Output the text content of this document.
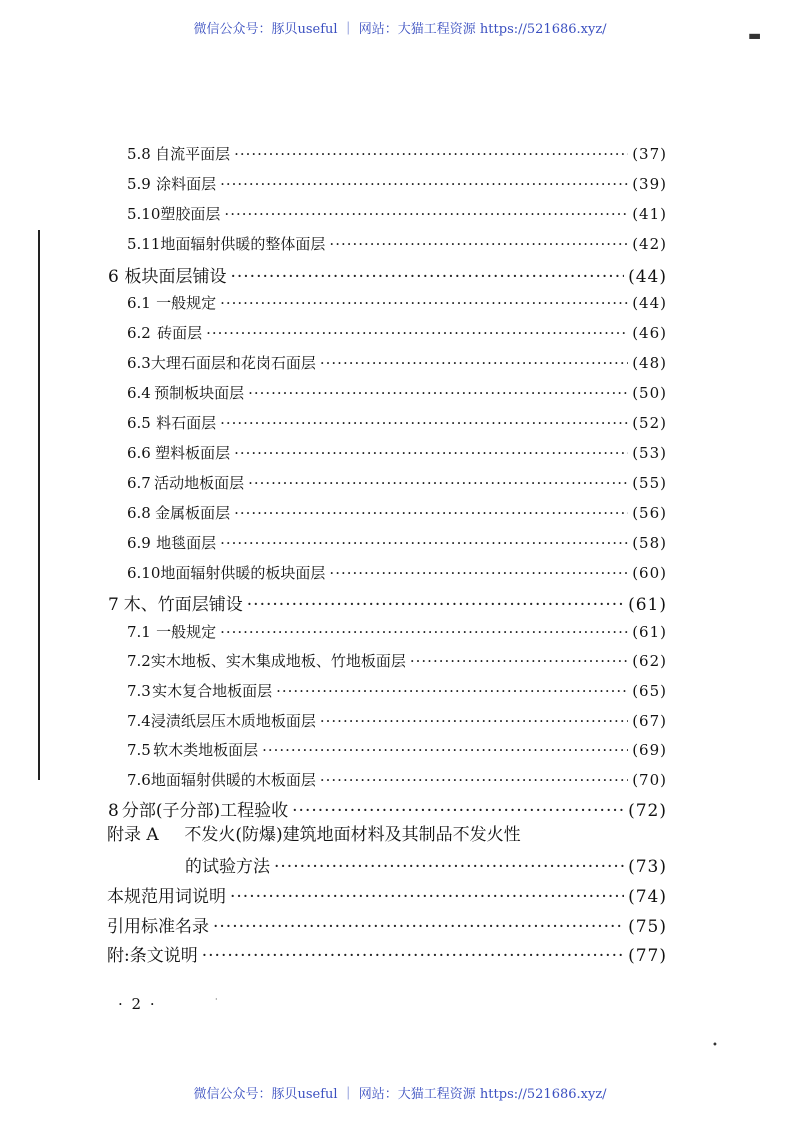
微信公众号：豚贝useful ｜ 网站：大猫工程资源 https://521686.xyz/
5.8 自流平面层 ·····	(37)
5.9 涂料面层 ·····	(39)
5.10 塑胶面层 ·····	(41)
5.11 地面辐射供暖的整体面层 ·····	(42)
6 板块面层铺设 ·····	(44)
6.1 一般规定 ·····	(44)
6.2 砖面层 ·····	(46)
6.3 大理石面层和花岗石面层 ·····	(48)
6.4 预制板块面层 ·····	(50)
6.5 料石面层 ·····	(52)
6.6 塑料板面层 ·····	(53)
6.7 活动地板面层 ·····	(55)
6.8 金属板面层 ·····	(56)
6.9 地毯面层 ·····	(58)
6.10 地面辐射供暖的板块面层 ·····	(60)
7 木、竹面层铺设 ·····	(61)
7.1 一般规定 ·····	(61)
7.2 实木地板、实木集成地板、竹地板面层 ·····	(62)
7.3 实木复合地板面层 ·····	(65)
7.4 浸渍纸层压木质地板面层 ·····	(67)
7.5 软木类地板面层 ·····	(69)
7.6 地面辐射供暖的木板面层 ·····	(70)
8 分部(子分部)工程验收 ·····	(72)
附录 A 不发火(防爆)建筑地面材料及其制品不发火性
的试验方法 ·····	(73)
本规范用词说明 ·····	(74)
引用标准名录 ·····	(75)
附:条文说明 ·····	(77)
· 2 ·
▬
·
•
微信公众号：豚贝useful ｜ 网站：大猫工程资源 https://521686.xyz/
